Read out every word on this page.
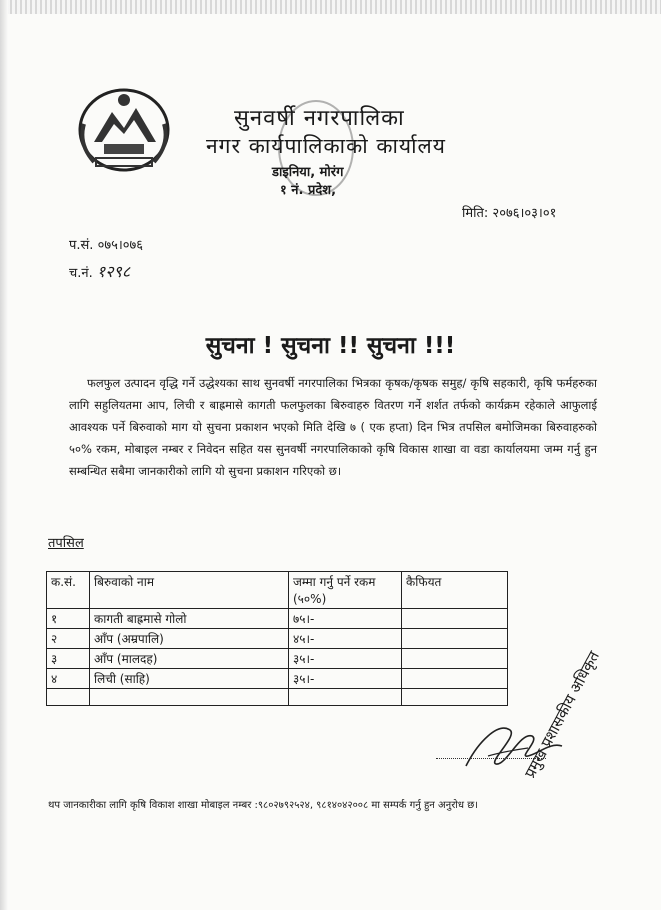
सुनवर्षी नगरपालिका
नगर कार्यपालिकाको कार्यालय
डाइनिया, मोरंग
१ नं. प्रदेश,
मिति: २०७६।०३।०१
प.सं. ०७५।०७६
च.नं. १२९८
सुचना ! सुचना !! सुचना !!!
फलफुल उत्पादन वृद्धि गर्ने उद्धेश्यका साथ सुनवर्षी नगरपालिका भित्रका कृषक/कृषक समुह/ कृषि सहकारी, कृषि फर्महरुका लागि सहुलियतमा आप, लिची र बाह्रमासे कागती फलफुलका बिरुवाहरु वितरण गर्ने शर्शत तर्फको कार्यक्रम रहेकाले आफुलाई आवश्यक पर्ने बिरुवाको माग यो सुचना प्रकाशन भएको मिति देखि ७ ( एक हप्ता) दिन भित्र तपसिल बमोजिमका बिरुवाहरुको ५०% रकम, मोबाइल नम्बर र निवेदन सहित यस सुनवर्षी नगरपालिकाको कृषि विकास शाखा वा वडा कार्यालयमा जम्म गर्नु हुन सम्बन्धित सबैमा जानकारीको लागि यो सुचना प्रकाशन गरिएको छ।
तपसिल
क.सं.	बिरुवाको नाम	जम्मा गर्नु पर्ने रकम (५०%)	कैफियत
१	कागती बाह्रमासे गोलो	७५।-	
२	आँप (अम्रपालि)	४५।-	
३	आँप (मालदह)	३५।-	
४	लिची (साहि)	३५।-	
				प्रमुख प्रशासकीय अधिकृत
थप जानकारीका लागि कृषि विकाश शाखा मोबाइल नम्बर :९८०२७९२५२४, ९८१४०४२००८ मा सम्पर्क गर्नु हुन अनुरोध छ।
